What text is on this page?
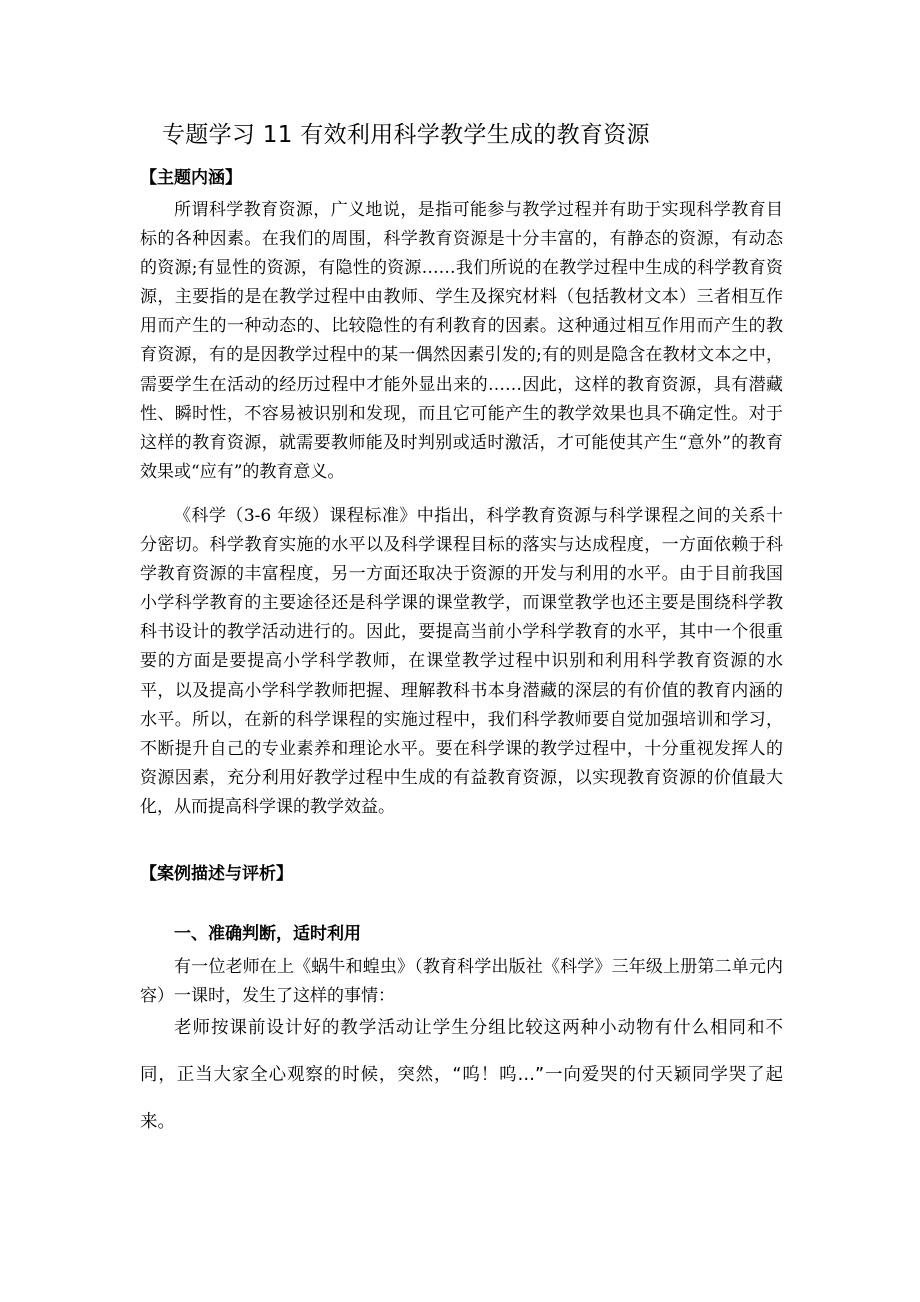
专题学习 11 有效利用科学教学生成的教育资源
【主题内涵】

所谓科学教育资源，广义地说，是指可能参与教学过程并有助于实现科学教育目标的各种因素。在我们的周围，科学教育资源是十分丰富的，有静态的资源，有动态的资源;有显性的资源，有隐性的资源……我们所说的在教学过程中生成的科学教育资源，主要指的是在教学过程中由教师、学生及探究材料（包括教材文本）三者相互作用而产生的一种动态的、比较隐性的有利教育的因素。这种通过相互作用而产生的教育资源，有的是因教学过程中的某一偶然因素引发的;有的则是隐含在教材文本之中，需要学生在活动的经历过程中才能外显出来的……因此，这样的教育资源，具有潜藏性、瞬时性，不容易被识别和发现，而且它可能产生的教学效果也具不确定性。对于这样的教育资源，就需要教师能及时判别或适时激活，才可能使其产生“意外”的教育效果或“应有”的教育意义。

《科学（3-6 年级）课程标准》中指出，科学教育资源与科学课程之间的关系十分密切。科学教育实施的水平以及科学课程目标的落实与达成程度，一方面依赖于科学教育资源的丰富程度，另一方面还取决于资源的开发与利用的水平。由于目前我国小学科学教育的主要途径还是科学课的课堂教学，而课堂教学也还主要是围绕科学教科书设计的教学活动进行的。因此，要提高当前小学科学教育的水平，其中一个很重要的方面是要提高小学科学教师，在课堂教学过程中识别和利用科学教育资源的水平，以及提高小学科学教师把握、理解教科书本身潜藏的深层的有价值的教育内涵的水平。所以，在新的科学课程的实施过程中，我们科学教师要自觉加强培训和学习，不断提升自己的专业素养和理论水平。要在科学课的教学过程中，十分重视发挥人的资源因素，充分利用好教学过程中生成的有益教育资源，以实现教育资源的价值最大化，从而提高科学课的教学效益。

【案例描述与评析】
一、准确判断，适时利用

有一位老师在上《蜗牛和蝗虫》（教育科学出版社《科学》三年级上册第二单元内容）一课时，发生了这样的事情：

老师按课前设计好的教学活动让学生分组比较这两种小动物有什么相同和不同，正当大家全心观察的时候，突然，“呜！呜…”一向爱哭的付天颖同学哭了起来。
